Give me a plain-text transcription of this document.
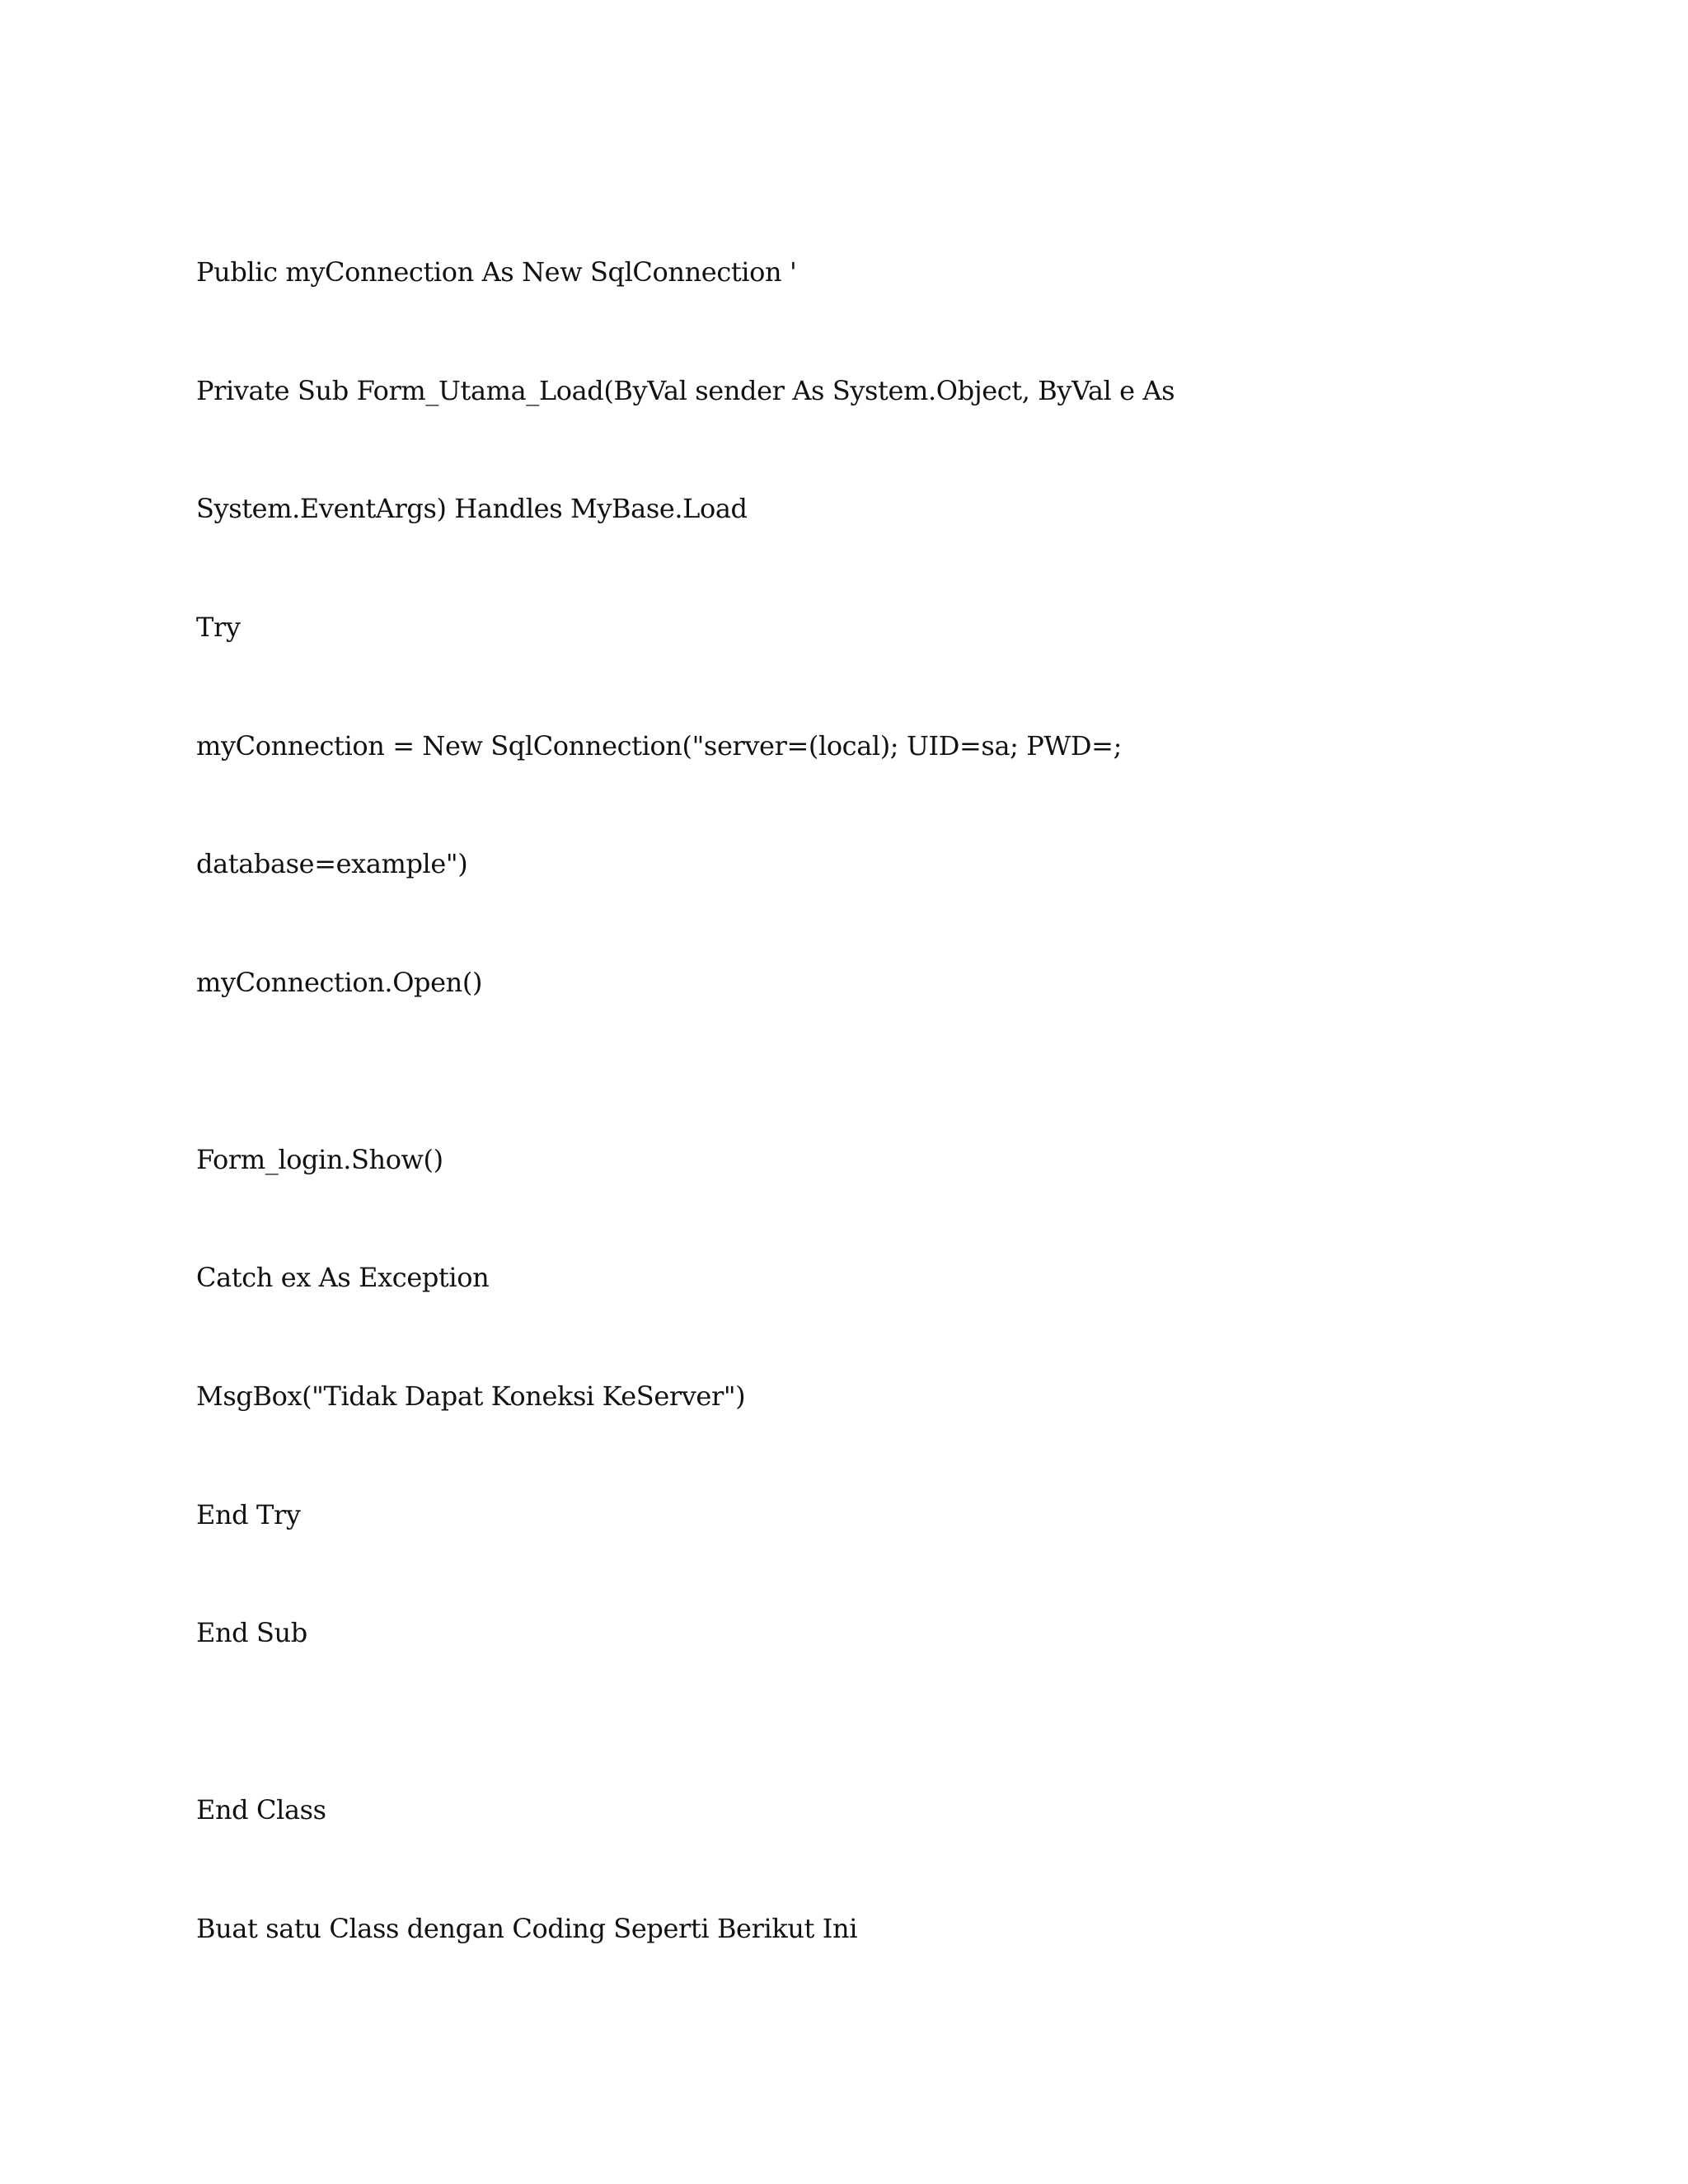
Public myConnection As New SqlConnection '

Private Sub Form_Utama_Load(ByVal sender As System.Object, ByVal e As

System.EventArgs) Handles MyBase.Load

Try

myConnection = New SqlConnection("server=(local); UID=sa; PWD=;

database=example")

myConnection.Open()

Form_login.Show()

Catch ex As Exception

MsgBox("Tidak Dapat Koneksi KeServer")

End Try

End Sub

End Class

Buat satu Class dengan Coding Seperti Berikut Ini
